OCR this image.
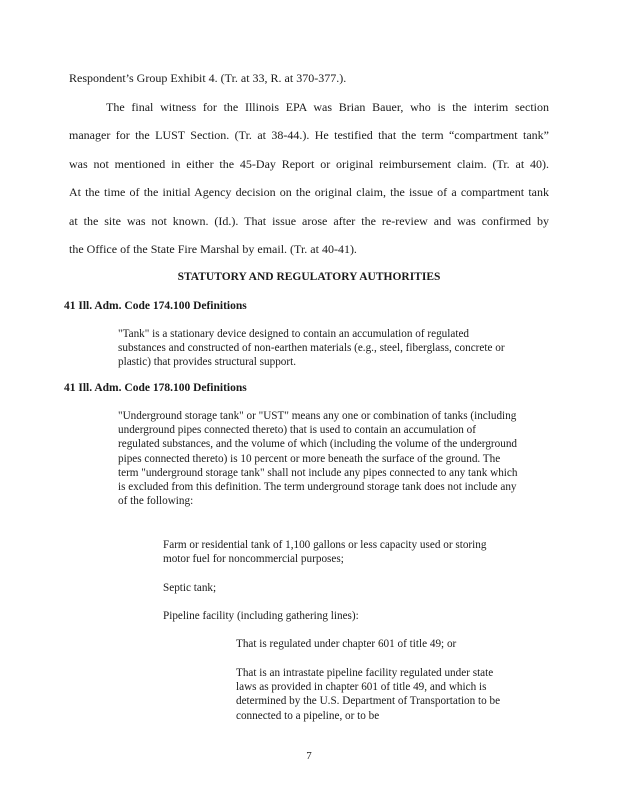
Respondent’s Group Exhibit 4. (Tr. at 33, R. at 370-377.).
The final witness for the Illinois EPA was Brian Bauer, who is the interim section
manager for the LUST Section. (Tr. at 38-44.). He testified that the term “compartment tank”
was not mentioned in either the 45-Day Report or original reimbursement claim. (Tr. at 40).
At the time of the initial Agency decision on the original claim, the issue of a compartment tank
at the site was not known. (Id.). That issue arose after the re-review and was confirmed by
the Office of the State Fire Marshal by email. (Tr. at 40-41).
STATUTORY AND REGULATORY AUTHORITIES
41 Ill. Adm. Code 174.100 Definitions

"Tank" is a stationary device designed to contain an accumulation of regulated substances and constructed of non-earthen materials (e.g., steel, fiberglass, concrete or plastic) that provides structural support.

41 Ill. Adm. Code 178.100 Definitions

"Underground storage tank" or "UST" means any one or combination of tanks (including underground pipes connected thereto) that is used to contain an accumulation of regulated substances, and the volume of which (including the volume of the underground pipes connected thereto) is 10 percent or more beneath the surface of the ground. The term "underground storage tank" shall not include any pipes connected to any tank which is excluded from this definition. The term underground storage tank does not include any of the following:

Farm or residential tank of 1,100 gallons or less capacity used or storing motor fuel for noncommercial purposes;
Septic tank;
Pipeline facility (including gathering lines):
That is regulated under chapter 601 of title 49; or
That is an intrastate pipeline facility regulated under state laws as provided in chapter 601 of title 49, and which is determined by the U.S. Department of Transportation to be connected to a pipeline, or to be
7
